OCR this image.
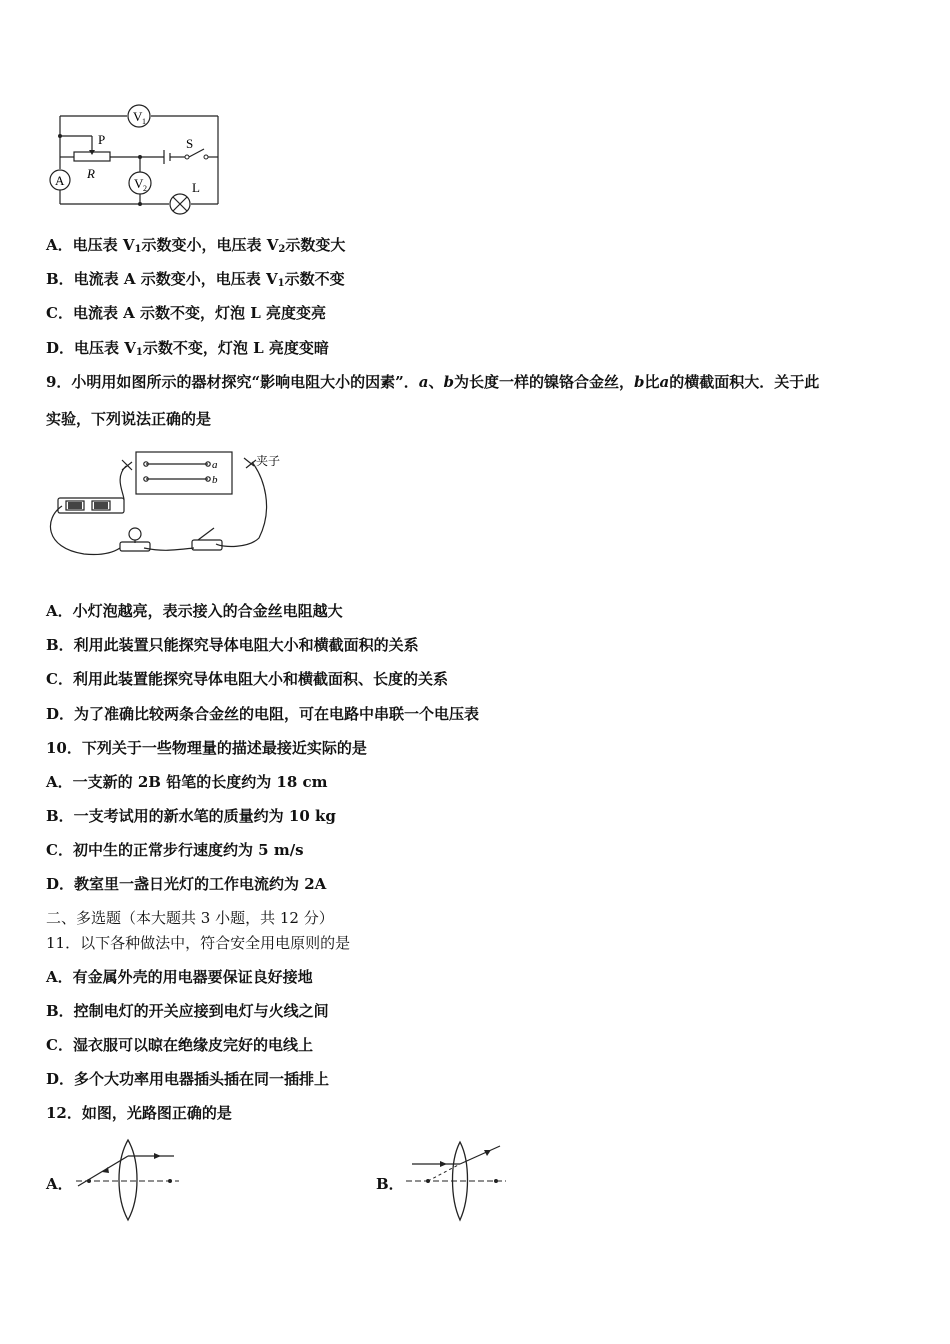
V 1
A	V 2	L
P
R
S
A．电压表 $V_1$示数变小，电压表 $V_2$示数变大
B．电流表 A 示数变小，电压表 $V_1$示数不变
C．电流表 A 示数不变，灯泡 L 亮度变亮
D．电压表 $V_1$示数不变，灯泡 L 亮度变暗
9．小明用如图所示的器材探究“影响电阻大小的因素”．a、b为长度一样的镍铬合金丝，b比a的横截面积大．关于此
实验，下列说法正确的是
a
b
夹子
A．小灯泡越亮，表示接入的合金丝电阻越大
B．利用此装置只能探究导体电阻大小和横截面积的关系
C．利用此装置能探究导体电阻大小和横截面积、长度的关系
D．为了准确比较两条合金丝的电阻，可在电路中串联一个电压表
10．下列关于一些物理量的描述最接近实际的是
A．一支新的 2B 铅笔的长度约为 18 cm
B．一支考试用的新水笔的质量约为 10 kg
C．初中生的正常步行速度约为 5 m/s
D．教室里一盏日光灯的工作电流约为 2A
二、多选题（本大题共 3 小题，共 12 分）
11．以下各种做法中，符合安全用电原则的是
A．有金属外壳的用电器要保证良好接地
B．控制电灯的开关应接到电灯与火线之间
C．湿衣服可以晾在绝缘皮完好的电线上
D．多个大功率用电器插头插在同一插排上
12．如图，光路图正确的是
A．	B．
